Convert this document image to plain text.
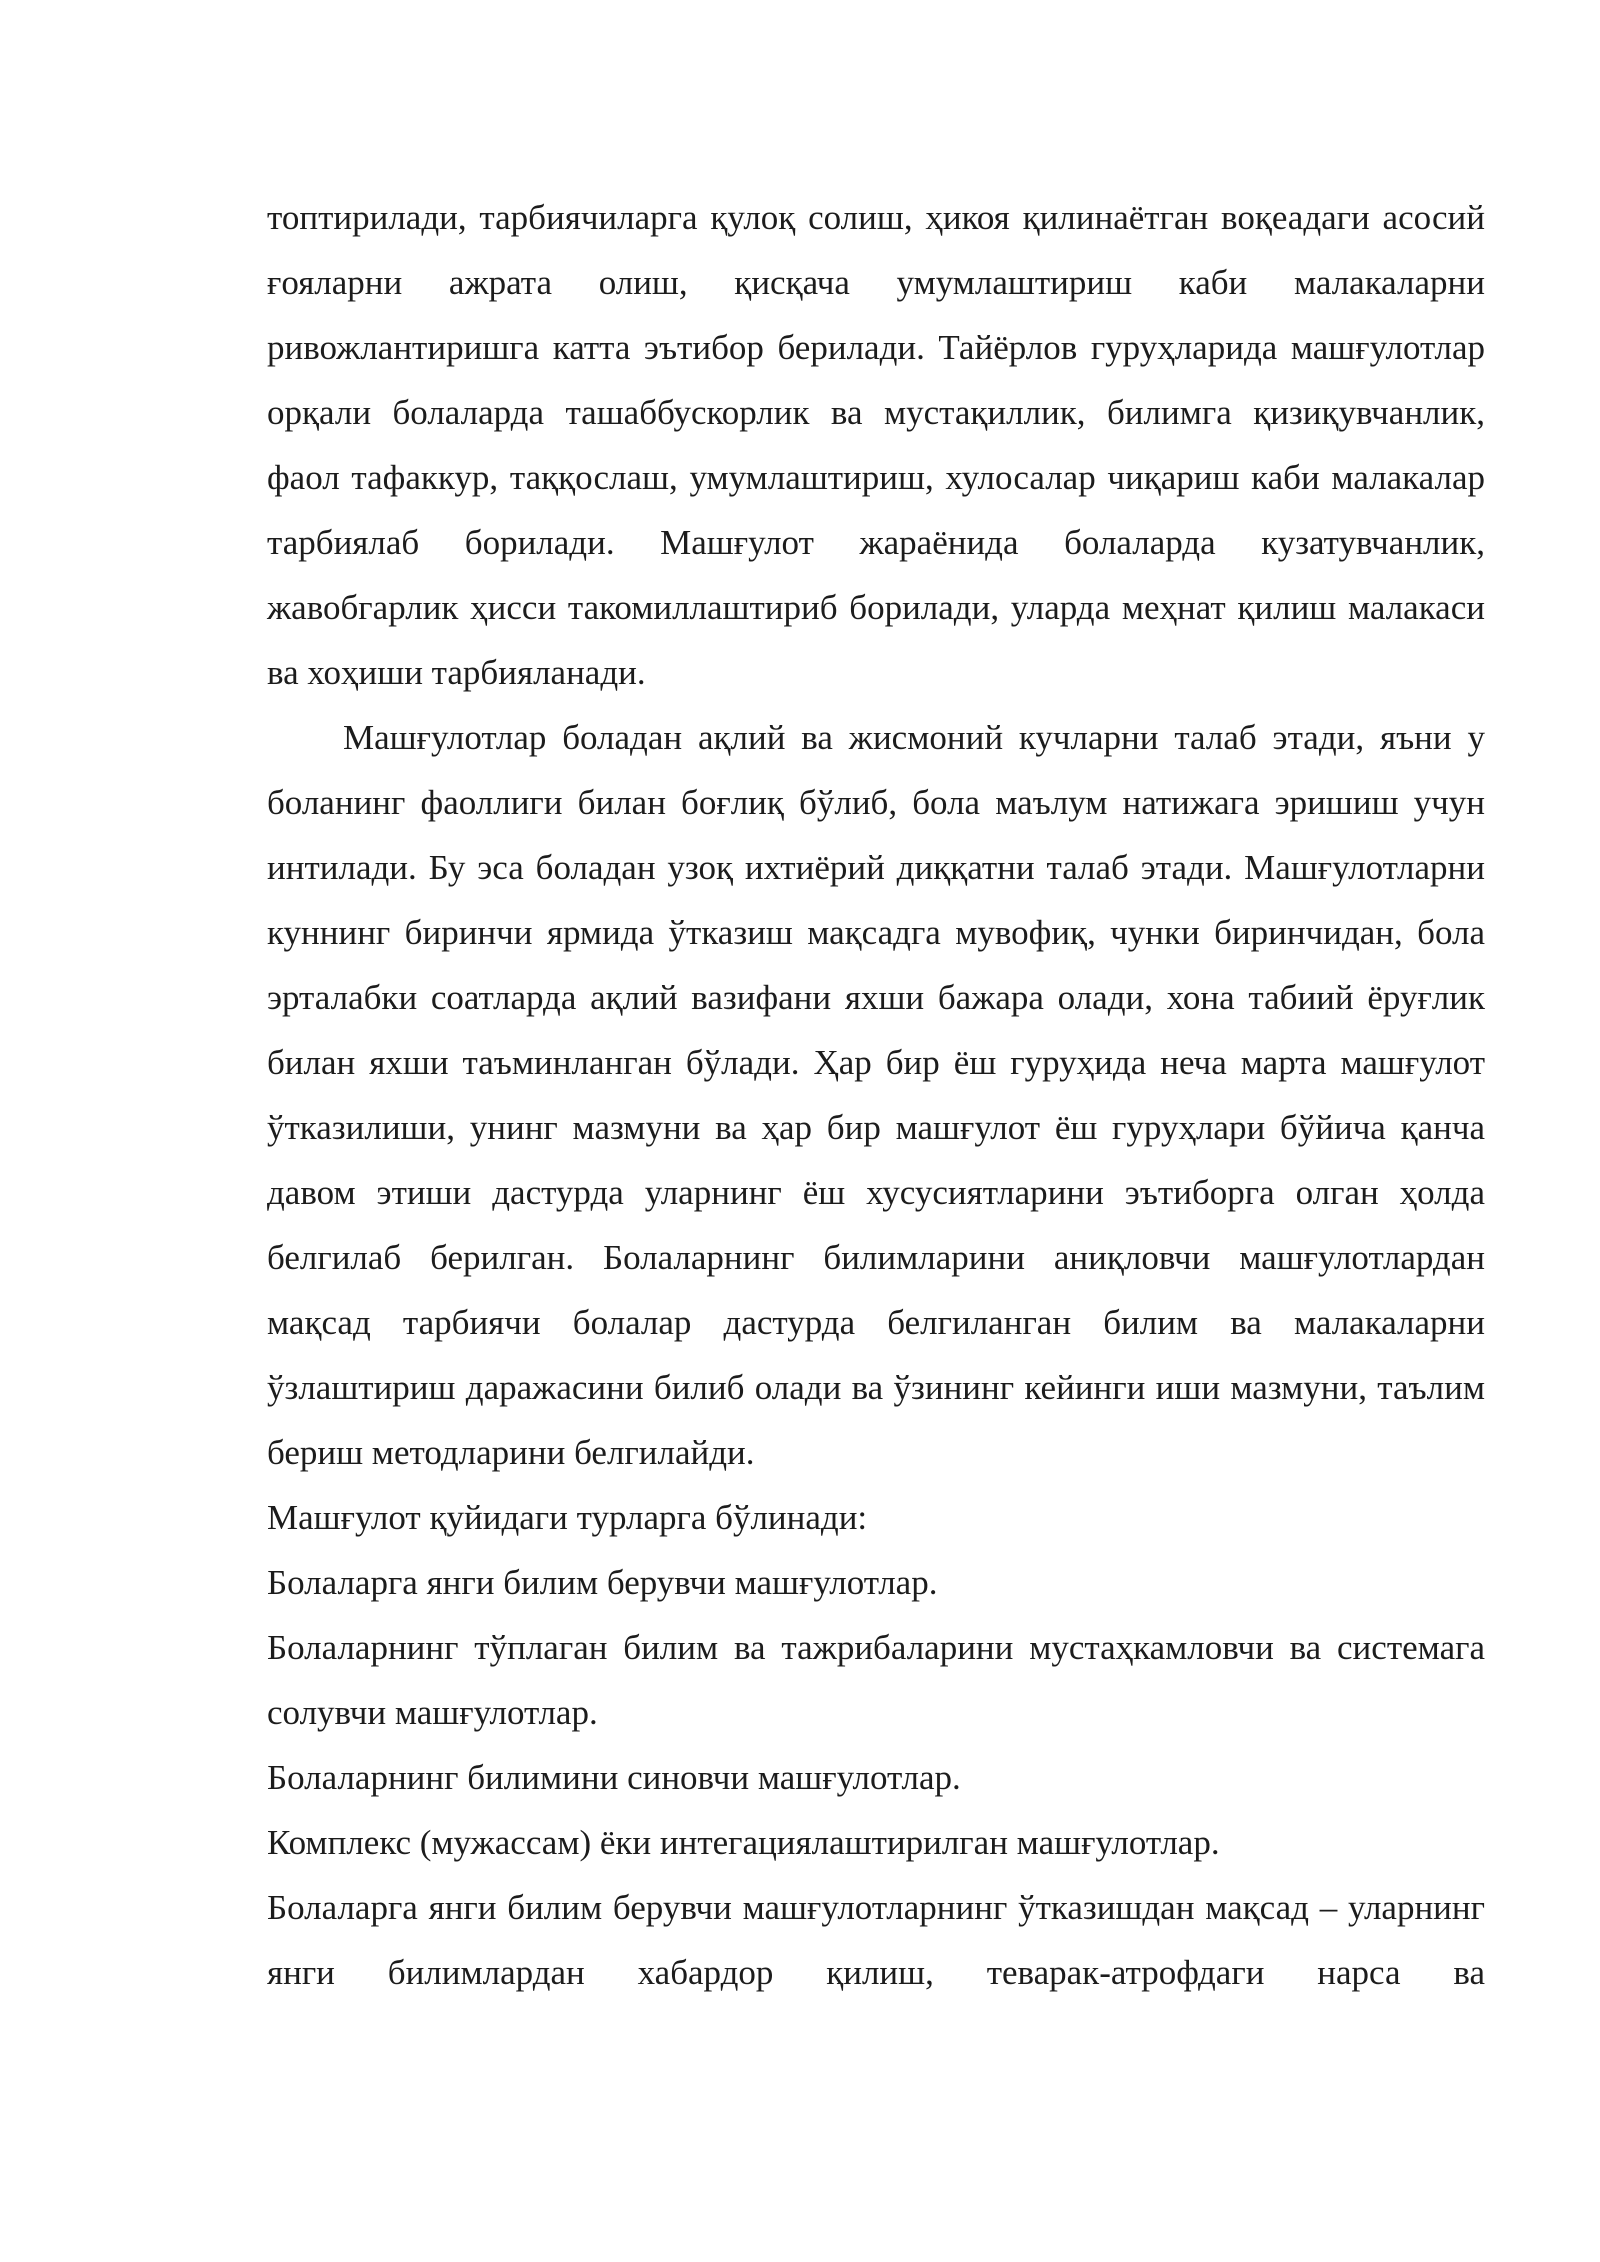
топтирилади, тарбиячиларга қулоқ солиш, ҳикоя қилинаётган воқеадаги асосий ғояларни ажрата олиш, қисқача умумлаштириш каби малакаларни ривожлантиришга катта эътибор берилади. Тайёрлов гуруҳларида машғулотлар орқали болаларда ташаббускорлик ва мустақиллик, билимга қизиқувчанлик, фаол тафаккур, таққослаш, умумлаштириш, хулосалар чиқариш каби малакалар тарбиялаб борилади. Машғулот жараёнида болаларда кузатувчанлик, жавобгарлик ҳисси такомиллаштириб борилади, уларда меҳнат қилиш малакаси ва хоҳиши тарбияланади.

Машғулотлар боладан ақлий ва жисмоний кучларни талаб этади, яъни у боланинг фаоллиги билан боғлиқ бўлиб, бола маълум натижага эришиш учун интилади. Бу эса боладан узоқ ихтиёрий диққатни талаб этади. Машғулотларни куннинг биринчи ярмида ўтказиш мақсадга мувофиқ, чунки биринчидан, бола эрталабки соатларда ақлий вазифани яхши бажара олади, хона табиий ёруғлик билан яхши таъминланган бўлади. Ҳар бир ёш гуруҳида неча марта машғулот ўтказилиши, унинг мазмуни ва ҳар бир машғулот ёш гуруҳлари бўйича қанча давом этиши дастурда уларнинг ёш хусусиятларини эътиборга олган ҳолда белгилаб берилган. Болаларнинг билимларини аниқловчи машғулотлардан мақсад тарбиячи болалар дастурда белгиланган билим ва малакаларни ўзлаштириш даражасини билиб олади ва ўзининг кейинги иши мазмуни, таълим бериш методларини белгилайди.

Машғулот қуйидаги турларга бўлинади:

Болаларга янги билим берувчи машғулотлар.

Болаларнинг тўплаган билим ва тажрибаларини мустаҳкамловчи ва системага солувчи машғулотлар.

Болаларнинг билимини синовчи машғулотлар.

Комплекс (мужассам) ёки интегациялаштирилган машғулотлар.

Болаларга янги билим берувчи машғулотларнинг ўтказишдан мақсад – уларнинг янги билимлардан хабардор қилиш, теварак-атрофдаги нарса ва
